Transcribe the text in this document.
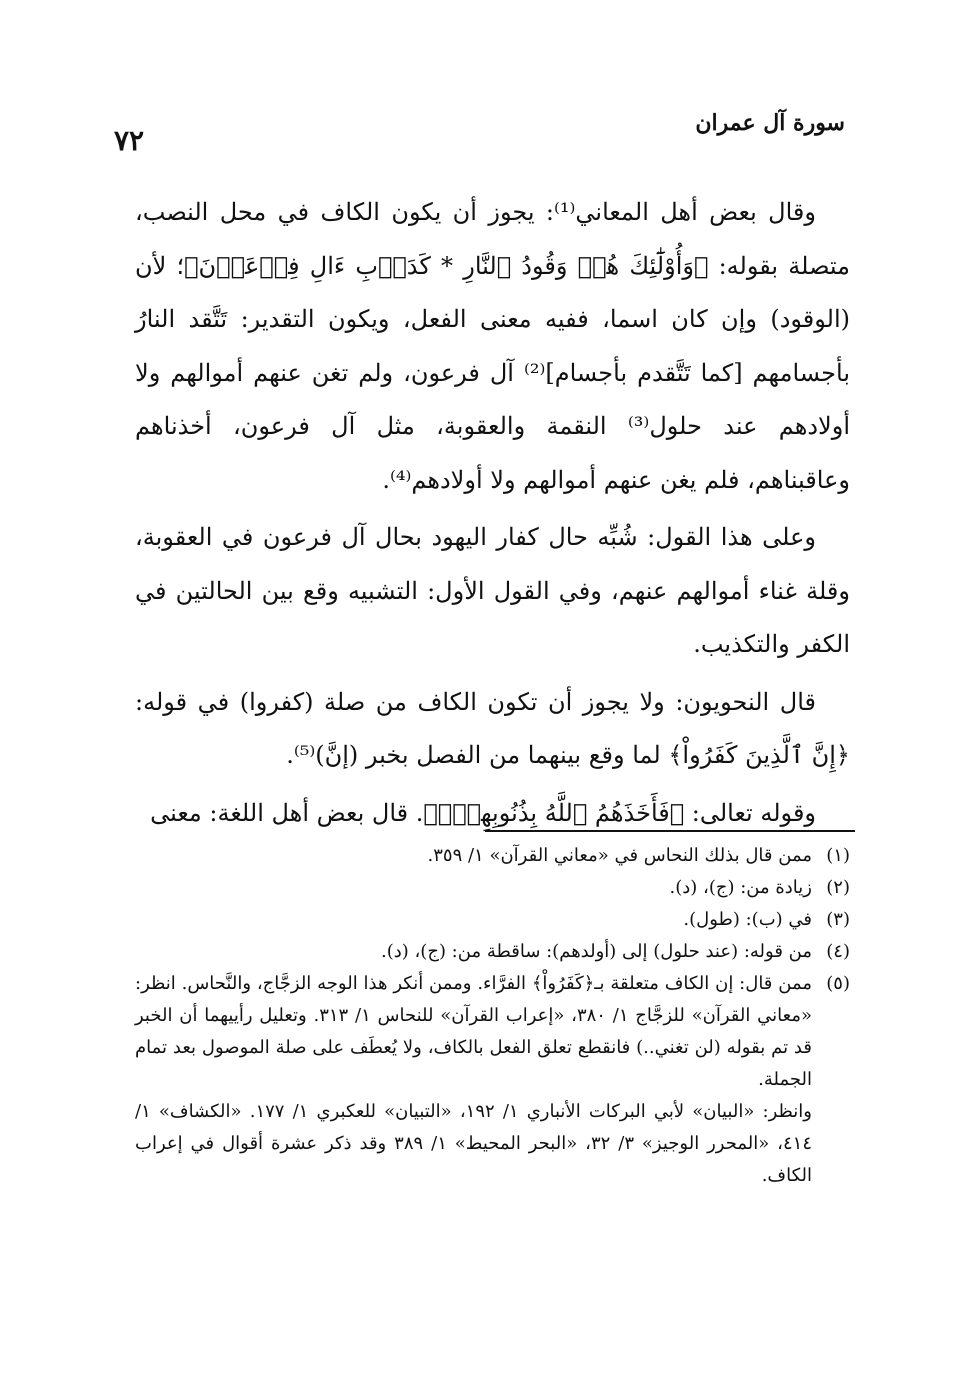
سورة آل عمران
٧٢

وقال بعض أهل المعاني⁽¹⁾: يجوز أن يكون الكاف في محل النصب، متصلة بقوله: ﴿وَأُوْلَٰٓئِكَ هُمۡ وَقُودُ ٱلنَّارِ * كَدَأۡبِ ءَالِ فِرۡعَوۡنَ﴾؛ لأن (الوقود) وإن كان اسما، ففيه معنى الفعل، ويكون التقدير: تَتَّقد النارُ بأجسامهم [كما تَتَّقدم بأجسام]⁽²⁾ آل فرعون، ولم تغن عنهم أموالهم ولا أولادهم عند حلول⁽³⁾ النقمة والعقوبة، مثل آل فرعون، أخذناهم وعاقبناهم، فلم يغن عنهم أموالهم ولا أولادهم⁽⁴⁾.

وعلى هذا القول: شُبِّه حال كفار اليهود بحال آل فرعون في العقوبة، وقلة غناء أموالهم عنهم، وفي القول الأول: التشبيه وقع بين الحالتين في الكفر والتكذيب.

قال النحويون: ولا يجوز أن تكون الكاف من صلة (كفروا) في قوله: ﴿إِنَّ ٱلَّذِينَ كَفَرُواْ﴾ لما وقع بينهما من الفصل بخبر (إنَّ)⁽⁵⁾.

وقوله تعالى: ﴿فَأَخَذَهُمُ ٱللَّهُ بِذُنُوبِهِمۡۗ﴾. قال بعض أهل اللغة: معنى

(١)
ممن قال بذلك النحاس في «معاني القرآن» ١/ ٣٥٩.
(٢)
زيادة من: (ج)، (د).
(٣)
في (ب): (طول).
(٤)
من قوله: (عند حلول) إلى (أولدهم): ساقطة من: (ج)، (د).
(٥)
ممن قال: إن الكاف متعلقة بـ﴿كَفَرُواْ﴾ الفرَّاء. وممن أنكر هذا الوجه الزجَّاج، والنَّحاس. انظر: «معاني القرآن» للزجَّاج ١/ ٣٨٠، «إعراب القرآن» للنحاس ١/ ٣١٣. وتعليل رأييهما أن الخبر قد تم بقوله (لن تغني..) فانقطع تعلق الفعل بالكاف، ولا يُعطَف على صلة الموصول بعد تمام الجملة.
وانظر: «البيان» لأبي البركات الأنباري ١/ ١٩٢، «التبيان» للعكبري ١/ ١٧٧. «الكشاف» ١/ ٤١٤، «المحرر الوجيز» ٣/ ٣٢، «البحر المحيط» ١/ ٣٨٩ وقد ذكر عشرة أقوال في إعراب الكاف.
